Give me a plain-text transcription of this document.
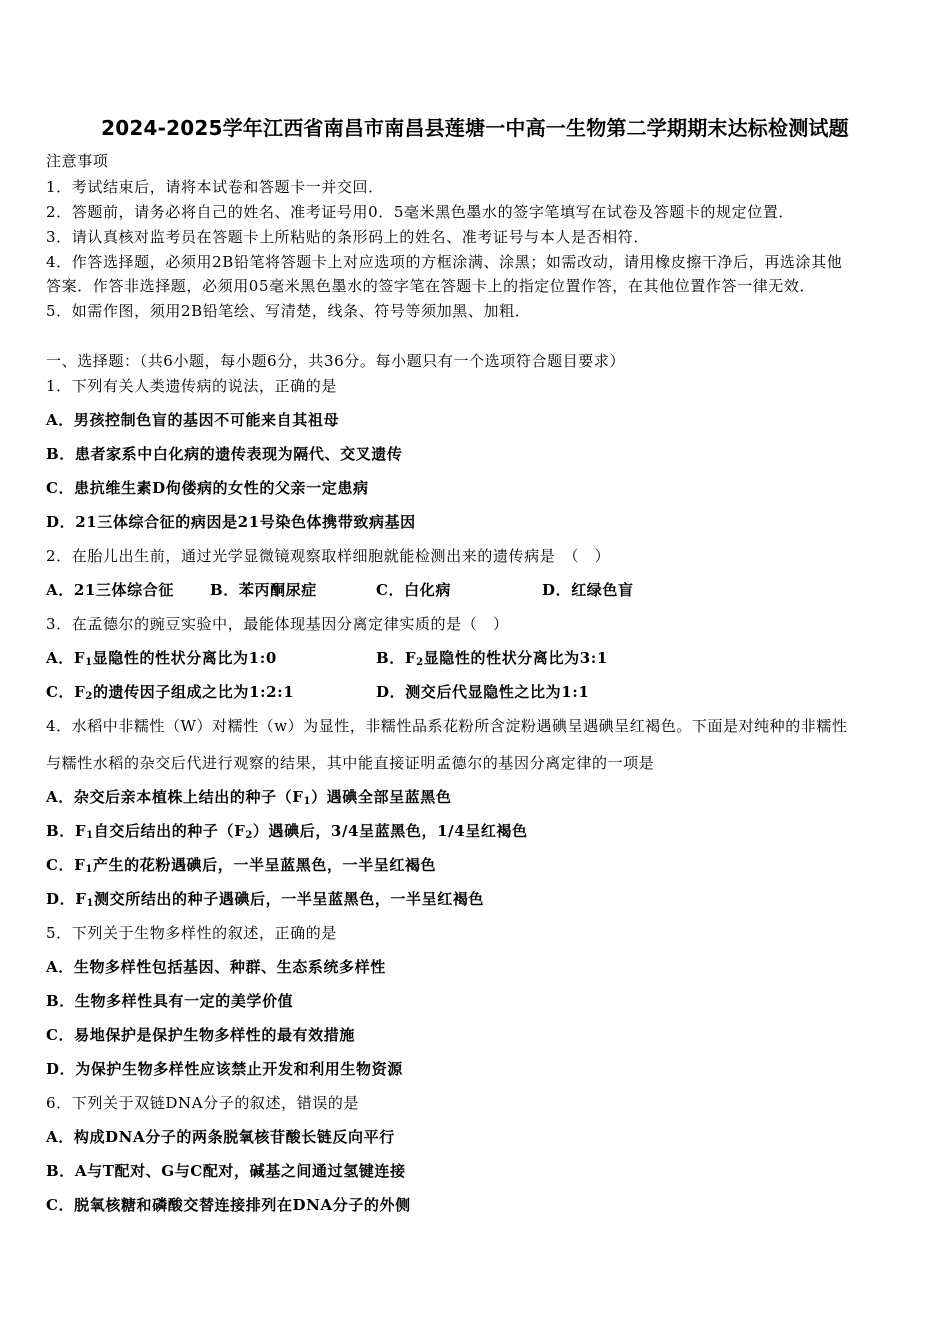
2024-2025学年江西省南昌市南昌县莲塘一中高一生物第二学期期末达标检测试题
注意事项
1．考试结束后，请将本试卷和答题卡一并交回．
2．答题前，请务必将自己的姓名、准考证号用0．5毫米黑色墨水的签字笔填写在试卷及答题卡的规定位置．
3．请认真核对监考员在答题卡上所粘贴的条形码上的姓名、准考证号与本人是否相符．
4．作答选择题，必须用2B铅笔将答题卡上对应选项的方框涂满、涂黑；如需改动，请用橡皮擦干净后，再选涂其他
答案．作答非选择题，必须用05毫米黑色墨水的签字笔在答题卡上的指定位置作答，在其他位置作答一律无效．
5．如需作图，须用2B铅笔绘、写清楚，线条、符号等须加黑、加粗．
一、选择题：（共6小题，每小题6分，共36分。每小题只有一个选项符合题目要求）
1．下列有关人类遗传病的说法，正确的是
A．男孩控制色盲的基因不可能来自其祖母
B．患者家系中白化病的遗传表现为隔代、交叉遗传
C．患抗维生素D佝偻病的女性的父亲一定患病
D．21三体综合征的病因是21号染色体携带致病基因
2．在胎儿出生前，通过光学显微镜观察取样细胞就能检测出来的遗传病是　（　）
A．21三体综合征 B．苯丙酮尿症	C．白化病	D．红绿色盲
3．在孟德尔的豌豆实验中，最能体现基因分离定律实质的是（　）
A．$F_1$显隐性的性状分离比为1:0	B．$F_2$显隐性的性状分离比为3:1
C．$F_2$的遗传因子组成之比为1:2:1	D．测交后代显隐性之比为1:1
4．水稻中非糯性（W）对糯性（w）为显性，非糯性品系花粉所含淀粉遇碘呈遇碘呈红褐色。下面是对纯种的非糯性
与糯性水稻的杂交后代进行观察的结果，其中能直接证明孟德尔的基因分离定律的一项是
A．杂交后亲本植株上结出的种子$(F_1)$遇碘全部呈蓝黑色
B．$F_1$自交后结出的种子$(F_2)$遇碘后，3/4呈蓝黑色，1/4呈红褐色
C．$F_1$产生的花粉遇碘后，一半呈蓝黑色，一半呈红褐色
D．$F_1$测交所结出的种子遇碘后，一半呈蓝黑色，一半呈红褐色
5．下列关于生物多样性的叙述，正确的是
A．生物多样性包括基因、种群、生态系统多样性
B．生物多样性具有一定的美学价值
C．易地保护是保护生物多样性的最有效措施
D．为保护生物多样性应该禁止开发和利用生物资源
6．下列关于双链DNA分子的叙述，错误的是
A．构成DNA分子的两条脱氧核苷酸长链反向平行
B．A与T配对、G与C配对，碱基之间通过氢键连接
C．脱氧核糖和磷酸交替连接排列在DNA分子的外侧
